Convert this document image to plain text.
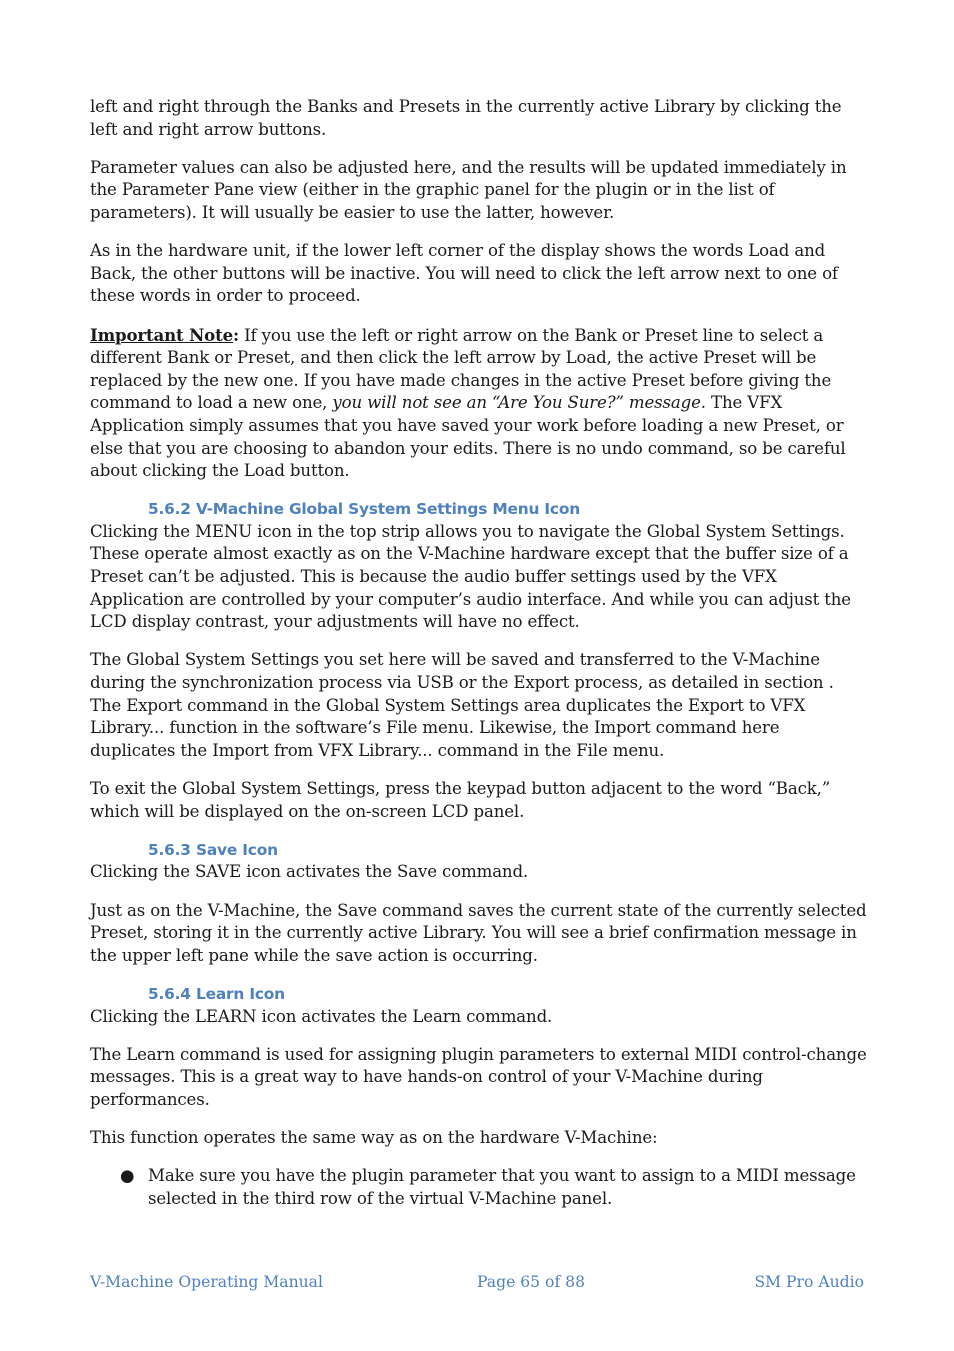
left and right through the Banks and Presets in the currently active Library by clicking the left and right arrow buttons.

Parameter values can also be adjusted here, and the results will be updated immediately in the Parameter Pane view (either in the graphic panel for the plugin or in the list of parameters). It will usually be easier to use the latter, however.

As in the hardware unit, if the lower left corner of the display shows the words Load and Back, the other buttons will be inactive. You will need to click the left arrow next to one of these words in order to proceed.

Important Note: If you use the left or right arrow on the Bank or Preset line to select a different Bank or Preset, and then click the left arrow by Load, the active Preset will be replaced by the new one. If you have made changes in the active Preset before giving the command to load a new one, you will not see an “Are You Sure?” message. The VFX Application simply assumes that you have saved your work before loading a new Preset, or else that you are choosing to abandon your edits. There is no undo command, so be careful about clicking the Load button.

5.6.2 V-Machine Global System Settings Menu Icon

Clicking the MENU icon in the top strip allows you to navigate the Global System Settings. These operate almost exactly as on the V-Machine hardware except that the buffer size of a Preset can’t be adjusted. This is because the audio buffer settings used by the VFX Application are controlled by your computer’s audio interface. And while you can adjust the LCD display contrast, your adjustments will have no effect.

The Global System Settings you set here will be saved and transferred to the V-Machine during the synchronization process via USB or the Export process, as detailed in section . The Export command in the Global System Settings area duplicates the Export to VFX Library... function in the software’s File menu. Likewise, the Import command here duplicates the Import from VFX Library... command in the File menu.

To exit the Global System Settings, press the keypad button adjacent to the word “Back,” which will be displayed on the on-screen LCD panel.

5.6.3 Save Icon

Clicking the SAVE icon activates the Save command.

Just as on the V-Machine, the Save command saves the current state of the currently selected Preset, storing it in the currently active Library. You will see a brief confirmation message in the upper left pane while the save action is occurring.

5.6.4 Learn Icon

Clicking the LEARN icon activates the Learn command.

The Learn command is used for assigning plugin parameters to external MIDI control-change messages. This is a great way to have hands-on control of your V-Machine during performances.

This function operates the same way as on the hardware V-Machine:

● Make sure you have the plugin parameter that you want to assign to a MIDI message selected in the third row of the virtual V-Machine panel.
V-Machine Operating Manual	Page 65 of 88	SM Pro Audio
